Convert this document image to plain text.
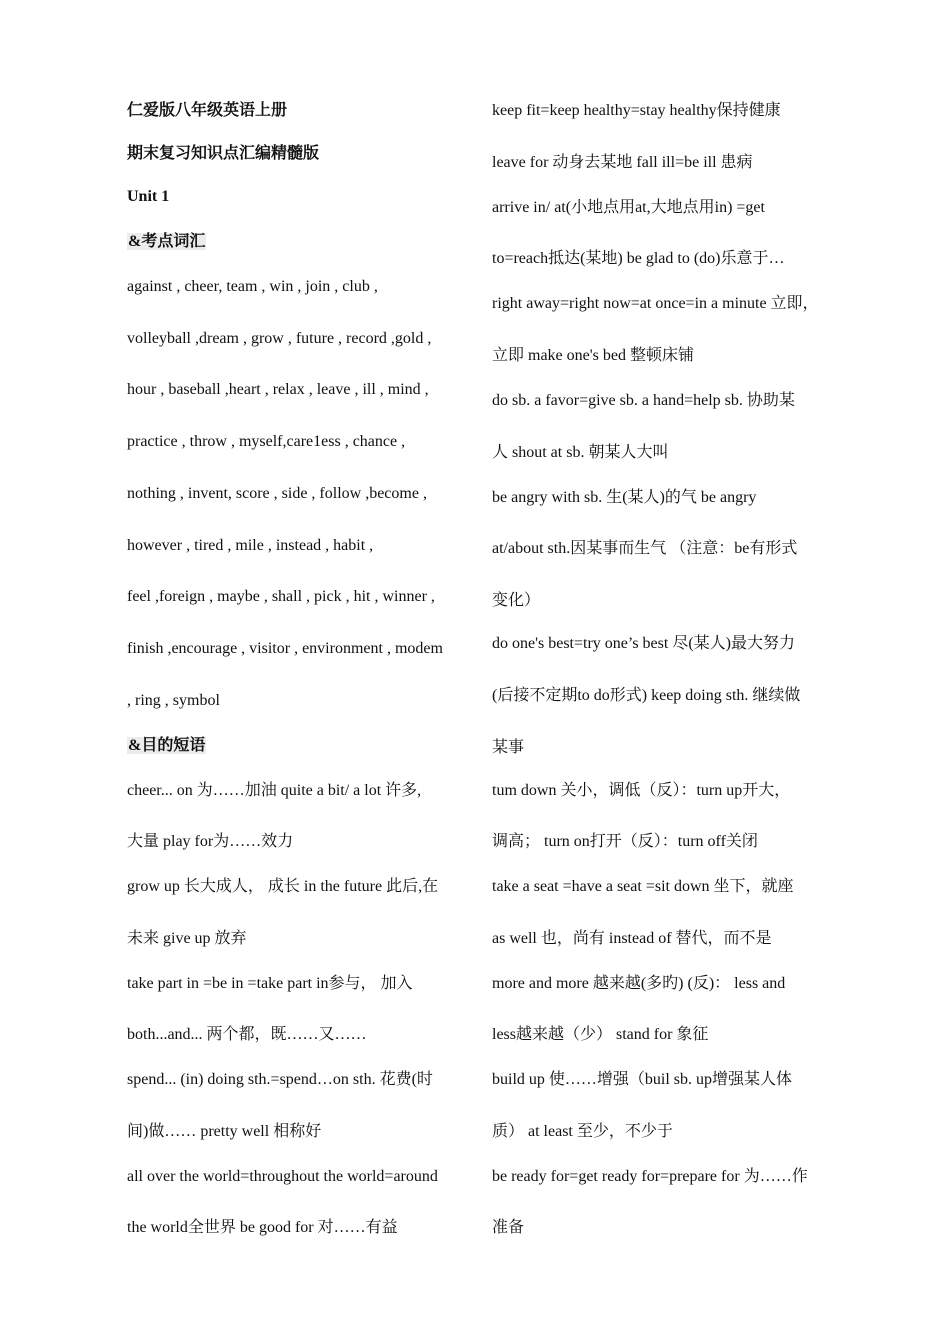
仁爱版八年级英语上册
期末复习知识点汇编精髓版
Unit 1
&考点词汇
against , cheer, team , win , join , club ,
volleyball ,dream , grow , future , record ,gold ,
hour , baseball ,heart , relax , leave , ill , mind ,
practice , throw , myself,care1ess , chance ,
nothing , invent, score , side , follow ,become ,
however , tired , mile , instead , habit ,
feel ,foreign , maybe , shall , pick , hit , winner ,
finish ,encourage , visitor , environment , modem
, ring , symbol
&目的短语
cheer... on 为……加油 quite a bit/ a lot 许多,
大量 play for为……效力
grow up 长大成人， 成长 in the future 此后,在
未来 give up 放弃
take part in =be in =take part in参与， 加入
both...and... 两个都，既……又……
spend... (in) doing sth.=spend…on sth. 花费(时
间)做…… pretty well 相称好
all over the world=throughout the world=around
the world全世界 be good for 对……有益
keep fit=keep healthy=stay healthy保持健康
leave for 动身去某地 fall ill=be ill 患病
arrive in/ at(小地点用at,大地点用in) =get
to=reach抵达(某地) be glad to (do)乐意于…
right away=right now=at once=in a minute 立即，
立即 make one's bed 整顿床铺
do sb. a favor=give sb. a hand=help sb. 协助某
人 shout at sb. 朝某人大叫
be angry with sb. 生(某人)的气 be angry
at/about sth.因某事而生气 （注意：be有形式
变化）
do one's best=try one’s best 尽(某人)最大努力
(后接不定期to do形式) keep doing sth. 继续做
某事
tum down 关小，调低（反）：turn up开大，
调高； turn on打开（反）：turn off关闭
take a seat =have a seat =sit down 坐下，就座
as well 也，尚有 instead of 替代，而不是
more and more 越来越(多旳) (反)： less and
less越来越（少） stand for 象征
build up 使……增强（buil sb. up增强某人体
质） at least 至少，不少于
be ready for=get ready for=prepare for 为……作
准备
